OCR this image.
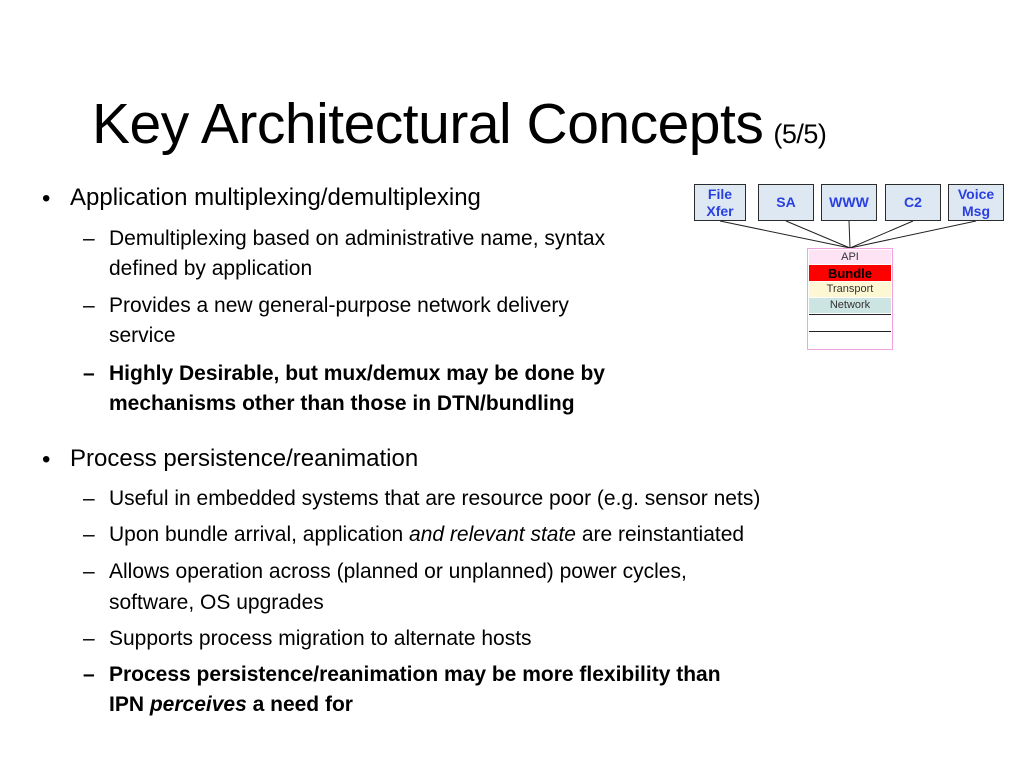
Key Architectural Concepts (5/5)
• Application multiplexing/demultiplexing
– Demultiplexing based on administrative name, syntax
defined by application
– Provides a new general-purpose network delivery
service
– Highly Desirable, but mux/demux may be done by
mechanisms other than those in DTN/bundling
• Process persistence/reanimation
– Useful in embedded systems that are resource poor (e.g. sensor nets)
– Upon bundle arrival, application and relevant state are reinstantiated
– Allows operation across (planned or unplanned) power cycles,
software, OS upgrades
– Supports process migration to alternate hosts
– Process persistence/reanimation may be more flexibility than
IPN perceives a need for
File
Xfer
SA WWW	C2
Voice
Msg
API
Bundle
Transport
Network
